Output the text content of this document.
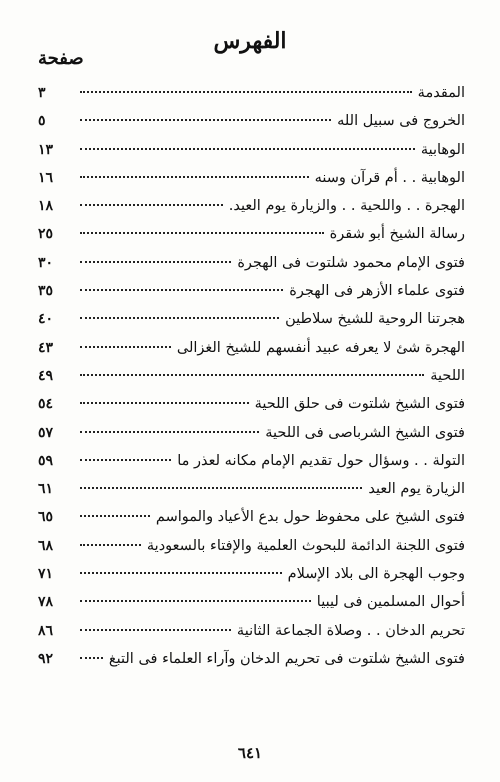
الفهرس
صفحة
المقدمة
٣
الخروج فى سبيل الله
٥
الوهابية
١٣
الوهابية . . أم قرآن وسنه
١٦
الهجرة . . واللحية . . والزيارة يوم العيد.
١٨
رسالة الشيخ أبو شقرة
٢٥
فتوى الإمام محمود شلتوت فى الهجرة
٣٠
فتوى علماء الأزهر فى الهجرة
٣٥
هجرتنا الروحية للشيخ سلاطين
٤٠
الهجرة شئ لا يعرفه عبيد أنفسهم للشيخ الغزالى
٤٣
اللحية
٤٩
فتوى الشيخ شلتوت فى حلق اللحية
٥٤
فتوى الشيخ الشرباصى فى اللحية
٥٧
التولة . . وسؤال حول تقديم الإمام مكانه لعذر ما
٥٩
الزيارة يوم العيد
٦١
فتوى الشيخ على محفوظ حول بدع الأعياد والمواسم
٦٥
فتوى اللجنة الدائمة للبحوث العلمية والإفتاء بالسعودية
٦٨
وجوب الهجرة الى بلاد الإسلام
٧١
أحوال المسلمين فى ليبيا
٧٨
تحريم الدخان . . وصلاة الجماعة الثانية
٨٦
فتوى الشيخ شلتوت فى تحريم الدخان وآراء العلماء فى التبغ
٩٢
٦٤١
